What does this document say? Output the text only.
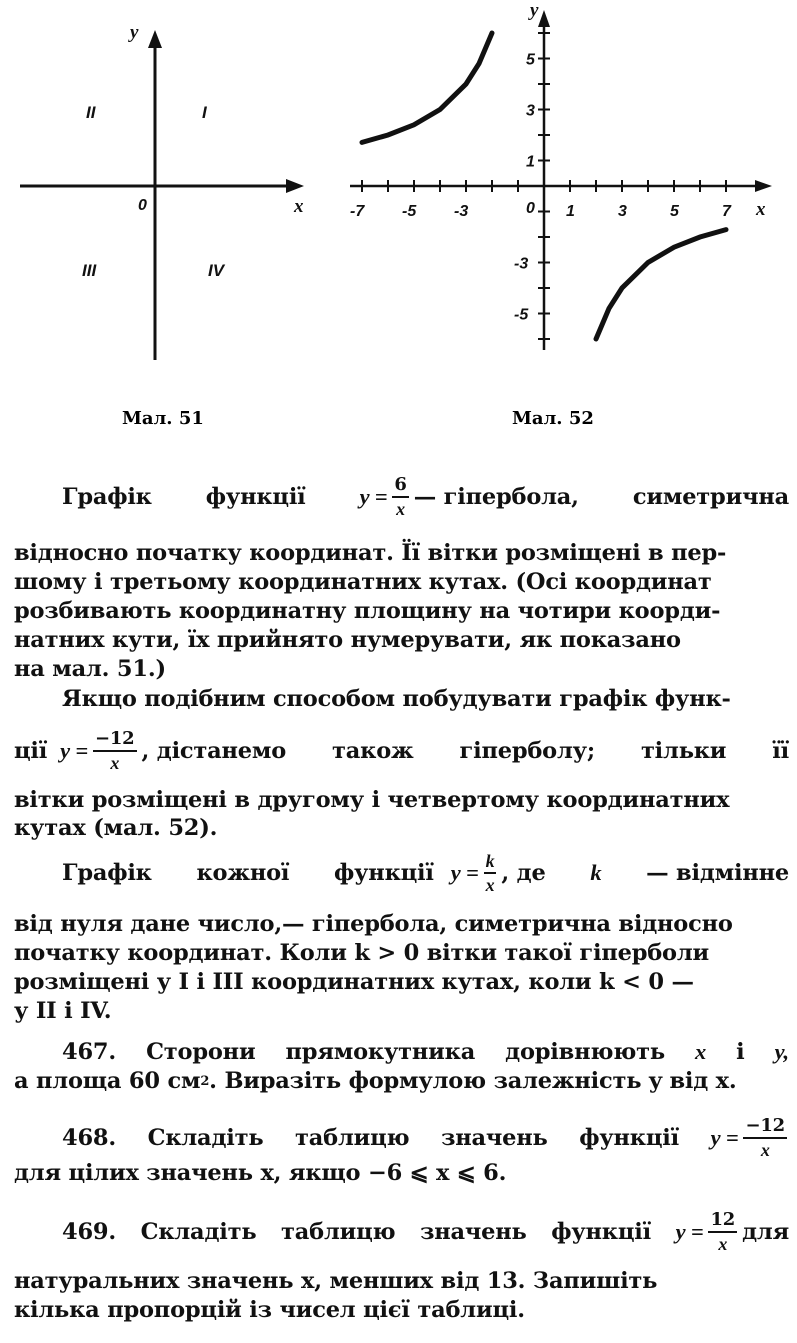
y
x
0
I
II
III	IV
-7 -5 -3	1	3	5	7
5
3
1
-3
-5
y
x
0
Мал. 51	Мал. 52
Графік функції $y = \frac{6}{x}$ — гіпербола, симетрична
відносно початку координат. Її вітки розміщені в пер-
шому і третьому координатних кутах. (Осі координат
розбивають координатну площину на чотири коорди-
натних кути, їх прийнято нумерувати, як показано
на мал. 51.)
Якщо подібним способом побудувати графік функ-
ції $y = \frac{-12}{x}$ , дістанемо також гіперболу; тільки її
вітки розміщені в другому і четвертому координатних
кутах (мал. 52).
Графік кожної функції $y = \frac{k}{x}$ , де k — відмінне
від нуля дане число,— гіпербола, симетрична відносно
початку координат. Коли k > 0 вітки такої гіперболи
розміщені у I і III координатних кутах, коли k < 0 —
у II і IV.
467. Сторони прямокутника дорівнюють x і y,
а площа 60 см 2 . Виразіть формулою залежність y від x.
468. Складіть таблицю значень функції $y = \frac{-12}{x}$
для цілих значень x, якщо −6 ⩽ x ⩽ 6.
469. Складіть таблицю значень функції $y = \frac{12}{x}$ для
натуральних значень x, менших від 13. Запишіть
кілька пропорцій із чисел цієї таблиці.
